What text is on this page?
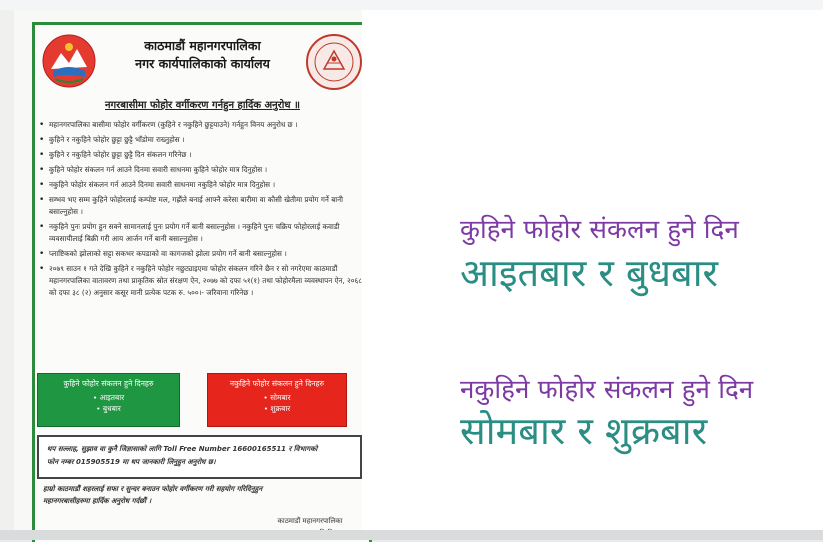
काठमाडौं महानगरपालिका
नगर कार्यपालिकाको कार्यालय
नगरबासीमा फोहोर वर्गीकरण गर्नहुन हार्दिक अनुरोध ॥
• महानगरपालिका बासीमा फोहोर वर्गीकरण (कुहिने र नकुहिने छुट्टयाउने) गर्नहुन विनय अनुरोध छ ।
• कुहिने र नकुहिने फोहोर छुट्टा छुट्टै भाँडोमा राख्नुहोस ।
• कुहिने र नकुहिने फोहोर छुट्टा छुट्टै दिन संकलन गरिनेछ ।
• कुहिने फोहोर संकलन गर्न आउने दिनमा सवारी साधनमा कुहिने फोहोर मात्र दिनुहोस ।
• नकुहिने फोहोर संकलन गर्न आउने दिनमा सवारी साधनमा नकुहिने फोहोर मात्र दिनुहोस ।
• सम्भव भए सम्म कुहिने फोहोरलाई कम्पोष्ट मल, गह्रौंले बनाई आफ्नै करेसा बारीमा वा कौसी खेतीमा प्रयोग गर्ने बानी बसाल्नुहोस ।
• नकुहिने पुनः प्रयोग हुन सक्ने सामानलाई पुनः प्रयोग गर्ने बानी बसाल्नुहोस । नकुहिने पुनः चक्रिय फोहोरलाई कवाडी व्यवसायीलाई बिक्री गरी आय आर्जन गर्ने बानी बसाल्नुहोस ।
• प्लाष्टिकको झोलाको सट्टा सकभर कपडाको वा कागजको झोला प्रयोग गर्ने बानी बसाल्नुहोस ।
• २०७९ साउन १ गते देखि कुहिने र नकुहिने फोहोर नछुट्याइएमा फोहोर संकलन गरिने छैन र सो नगरेएमा काठमाडौं महानगरपालिका वातावरण तथा प्राकृतिक स्रोत संरक्षण ऐन, २०७७ को दफा ५१(१) तथा फोहोरमैला व्यवस्थापन ऐन, २०६८ को दफा ३८ (२) अनुसार कसूर मानी प्रत्येक पटक रु. ५००।- जरिवाना गरिनेछ ।
कुहिने फोहोर संकलन हुने दिनहरु
• आइतबार
• बुधबार
नकुहिने फोहोर संकलन हुने दिनहरु
• सोमबार
• शुक्रबार
थप सल्लाह, सुझाव वा कुनै जिज्ञासाको लागि Toll Free Number 16600165511 र विभागको
फोन नम्बर 015905519 मा थप जानकारी लिनुहुन अनुरोध छ।
हाम्रो काठमाडौं शहरलाई सफा र सुन्दर बनाउन फोहोर वर्गीकरण गरी सहयोग गरिदिनुहुन
महानगरबासीहरुमा हार्दिक अनुरोध गर्दछौं ।
काठमाडौं महानगरपालिका
कुहिने फोहोर संकलन हुने दिन
आइतबार र बुधबार
नकुहिने फोहोर संकलन हुने दिन
सोमबार र शुक्रबार
